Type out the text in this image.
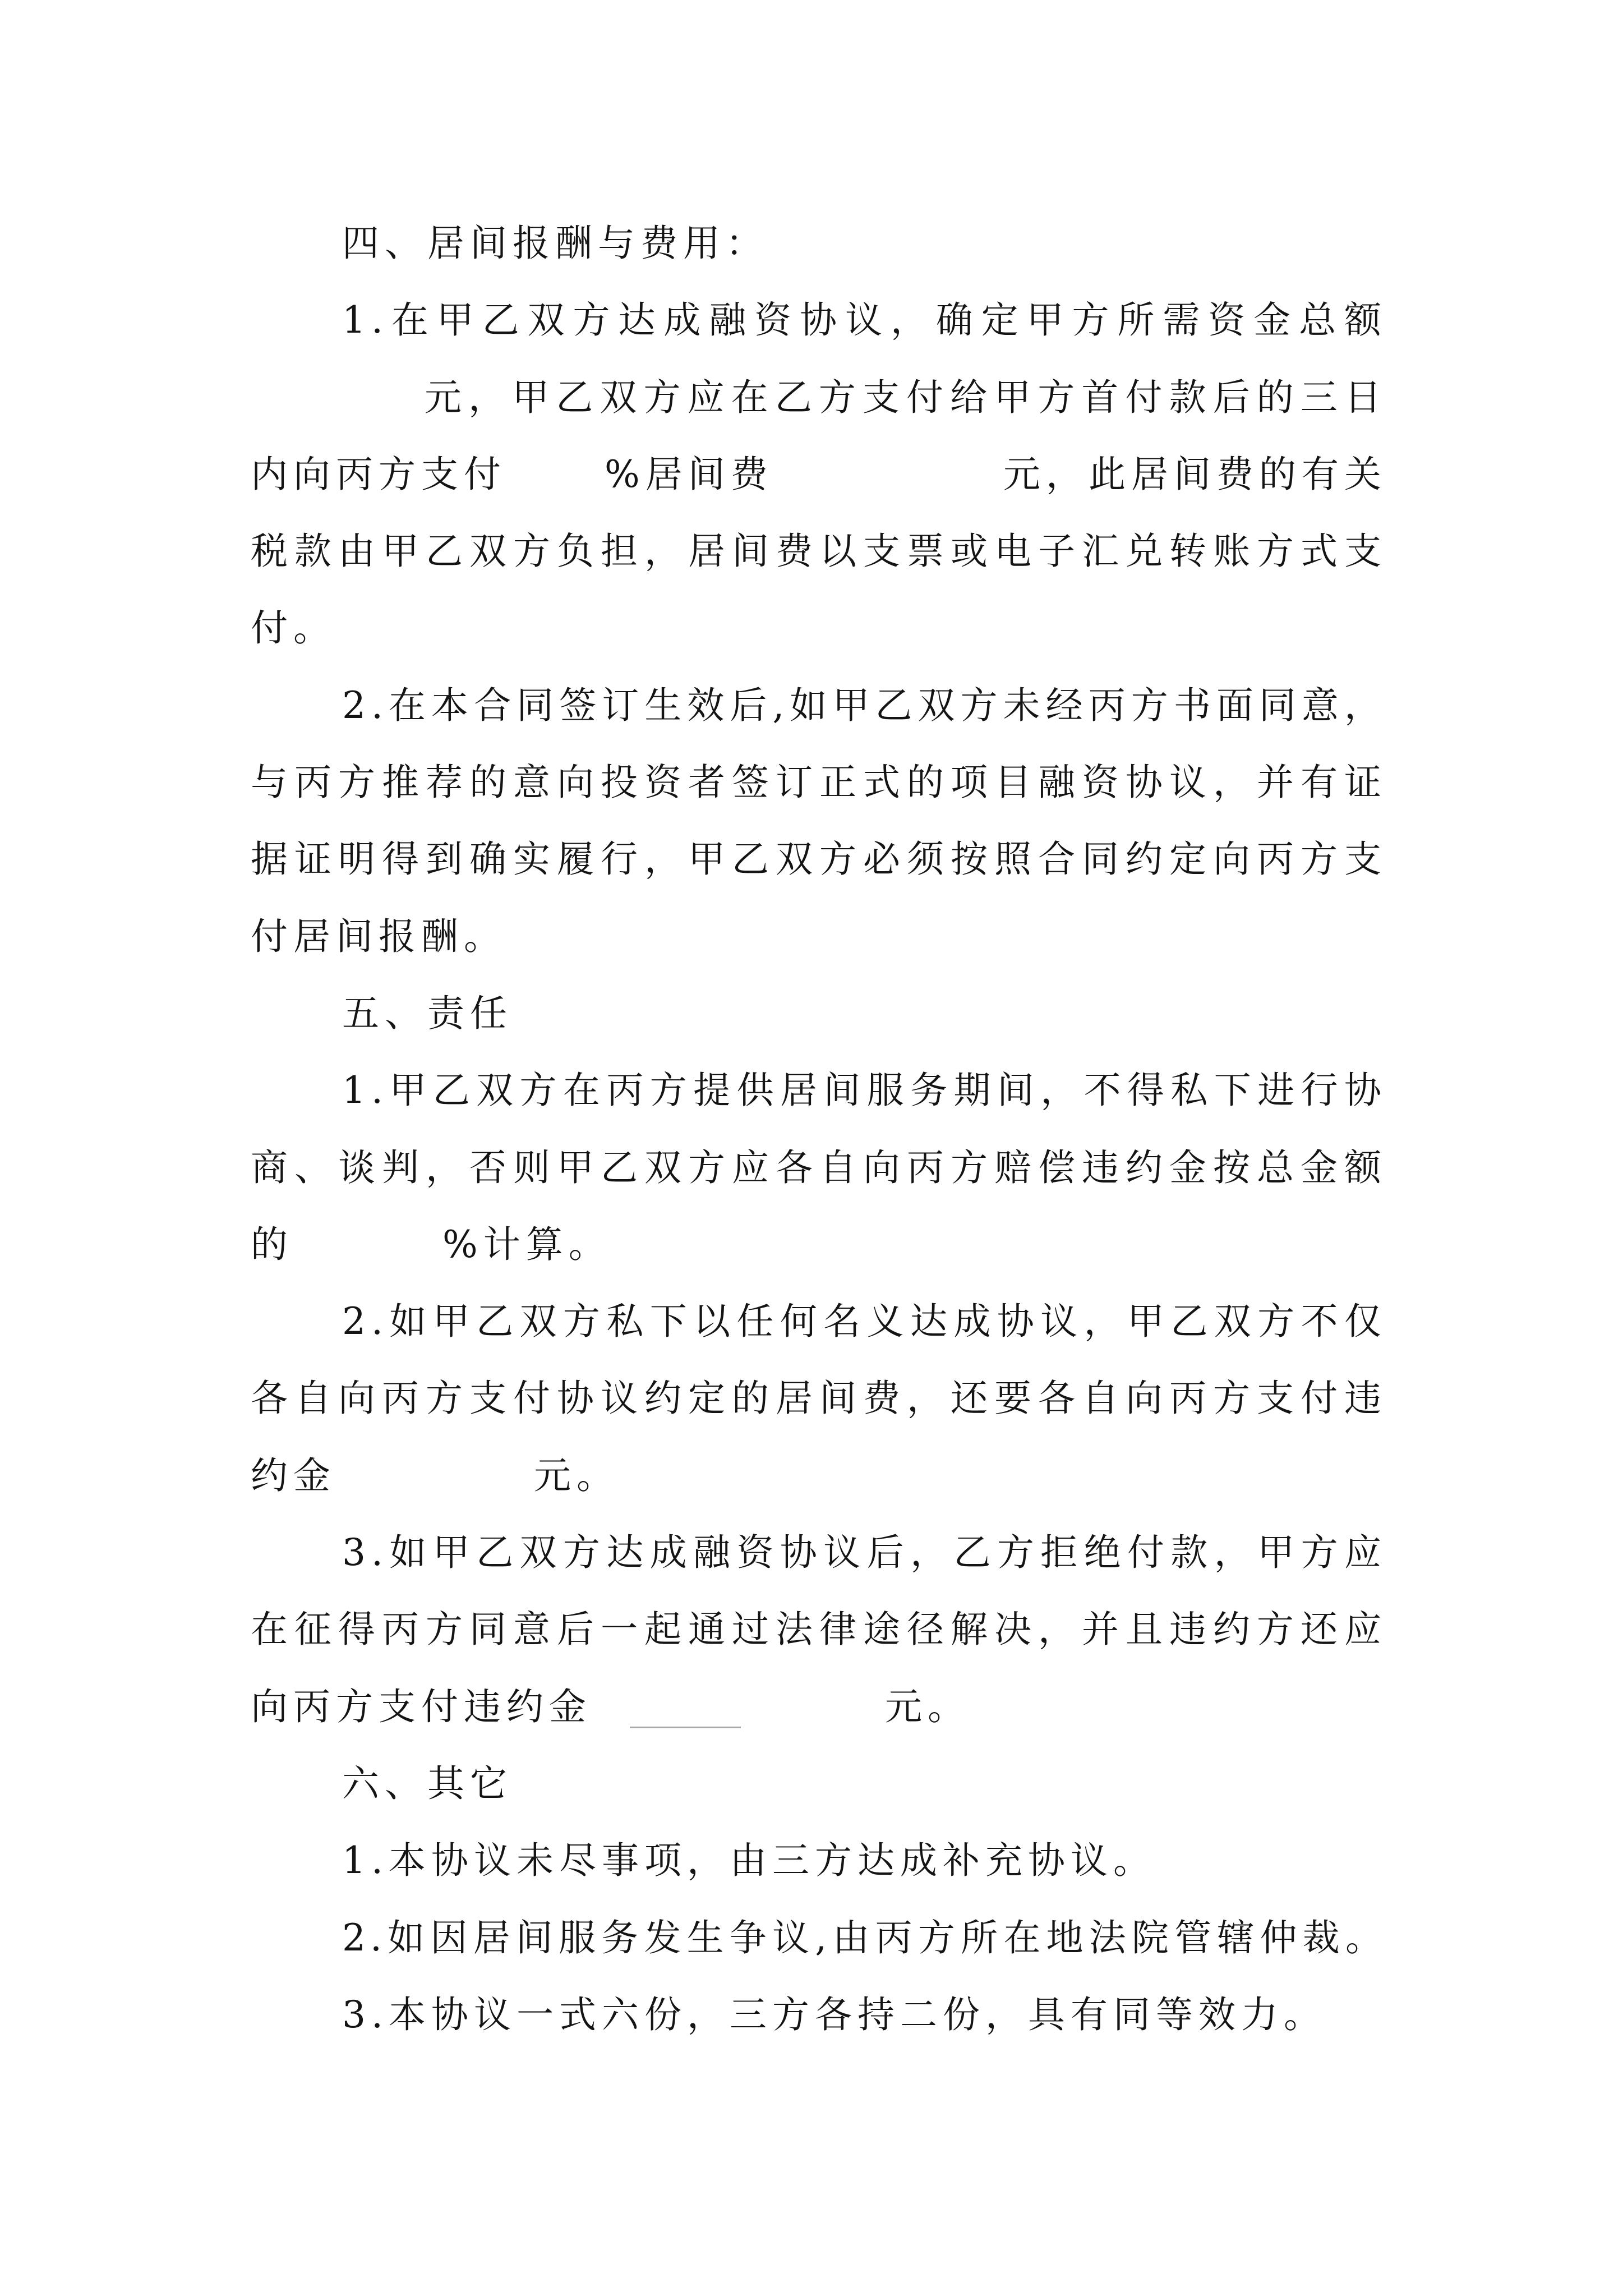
四、居间报酬与费用：
1.在甲乙双方达成融资协议，确定甲方所需资金总额
元，甲乙双方应在乙方支付给甲方首付款后的三日
内向丙方支付	%居间费	元，此居间费的有关
税款由甲乙双方负担，居间费以支票或电子汇兑转账方式支
付。
2.在本合同签订生效后,如甲乙双方未经丙方书面同意，
与丙方推荐的意向投资者签订正式的项目融资协议，并有证
据证明得到确实履行，甲乙双方必须按照合同约定向丙方支
付居间报酬。
五、责任
1.甲乙双方在丙方提供居间服务期间，不得私下进行协
商、谈判，否则甲乙双方应各自向丙方赔偿违约金按总金额
的	%计算。
2.如甲乙双方私下以任何名义达成协议，甲乙双方不仅
各自向丙方支付协议约定的居间费，还要各自向丙方支付违
约金	元。
3.如甲乙双方达成融资协议后，乙方拒绝付款，甲方应
在征得丙方同意后一起通过法律途径解决，并且违约方还应
向丙方支付违约金 ______	元。
六、其它
1.本协议未尽事项，由三方达成补充协议。
2.如因居间服务发生争议,由丙方所在地法院管辖仲裁。
3.本协议一式六份，三方各持二份，具有同等效力。
